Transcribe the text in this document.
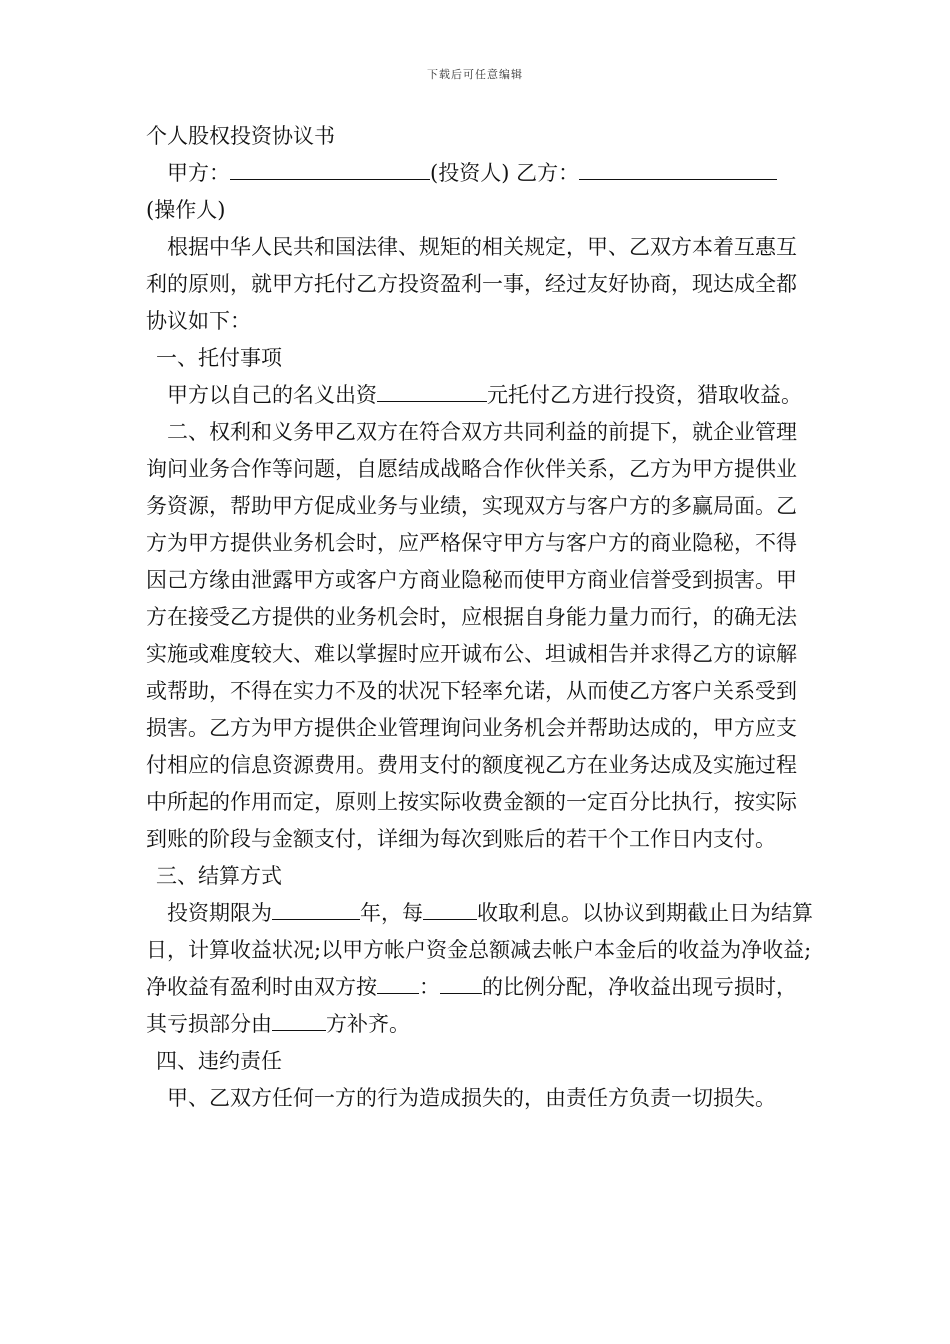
下载后可任意编辑

个人股权投资协议书

甲方：	(投资人) 乙方：
(操作人)

根据中华人民共和国法律、规矩的相关规定，甲、乙双方本着互惠互利的原则，就甲方托付乙方投资盈利一事，经过友好协商，现达成全都协议如下：

一、托付事项

甲方以自己的名义出资	元托付乙方进行投资，猎取收益。

二、权利和义务甲乙双方在符合双方共同利益的前提下，就企业管理询问业务合作等问题，自愿结成战略合作伙伴关系，乙方为甲方提供业务资源，帮助甲方促成业务与业绩，实现双方与客户方的多赢局面。乙方为甲方提供业务机会时，应严格保守甲方与客户方的商业隐秘，不得因己方缘由泄露甲方或客户方商业隐秘而使甲方商业信誉受到损害。甲方在接受乙方提供的业务机会时，应根据自身能力量力而行，的确无法实施或难度较大、难以掌握时应开诚布公、坦诚相告并求得乙方的谅解或帮助，不得在实力不及的状况下轻率允诺，从而使乙方客户关系受到损害。乙方为甲方提供企业管理询问业务机会并帮助达成的，甲方应支付相应的信息资源费用。费用支付的额度视乙方在业务达成及实施过程中所起的作用而定，原则上按实际收费金额的一定百分比执行，按实际到账的阶段与金额支付，详细为每次到账后的若干个工作日内支付。

三、结算方式

投资期限为	年，每	收取利息。以协议到期截止日为结算日，计算收益状况;以甲方帐户资金总额减去帐户本金后的收益为净收益;净收益有盈利时由双方按 ： 的比例分配，净收益出现亏损时，其亏损部分由	方补齐。

四、违约责任

甲、乙双方任何一方的行为造成损失的，由责任方负责一切损失。
